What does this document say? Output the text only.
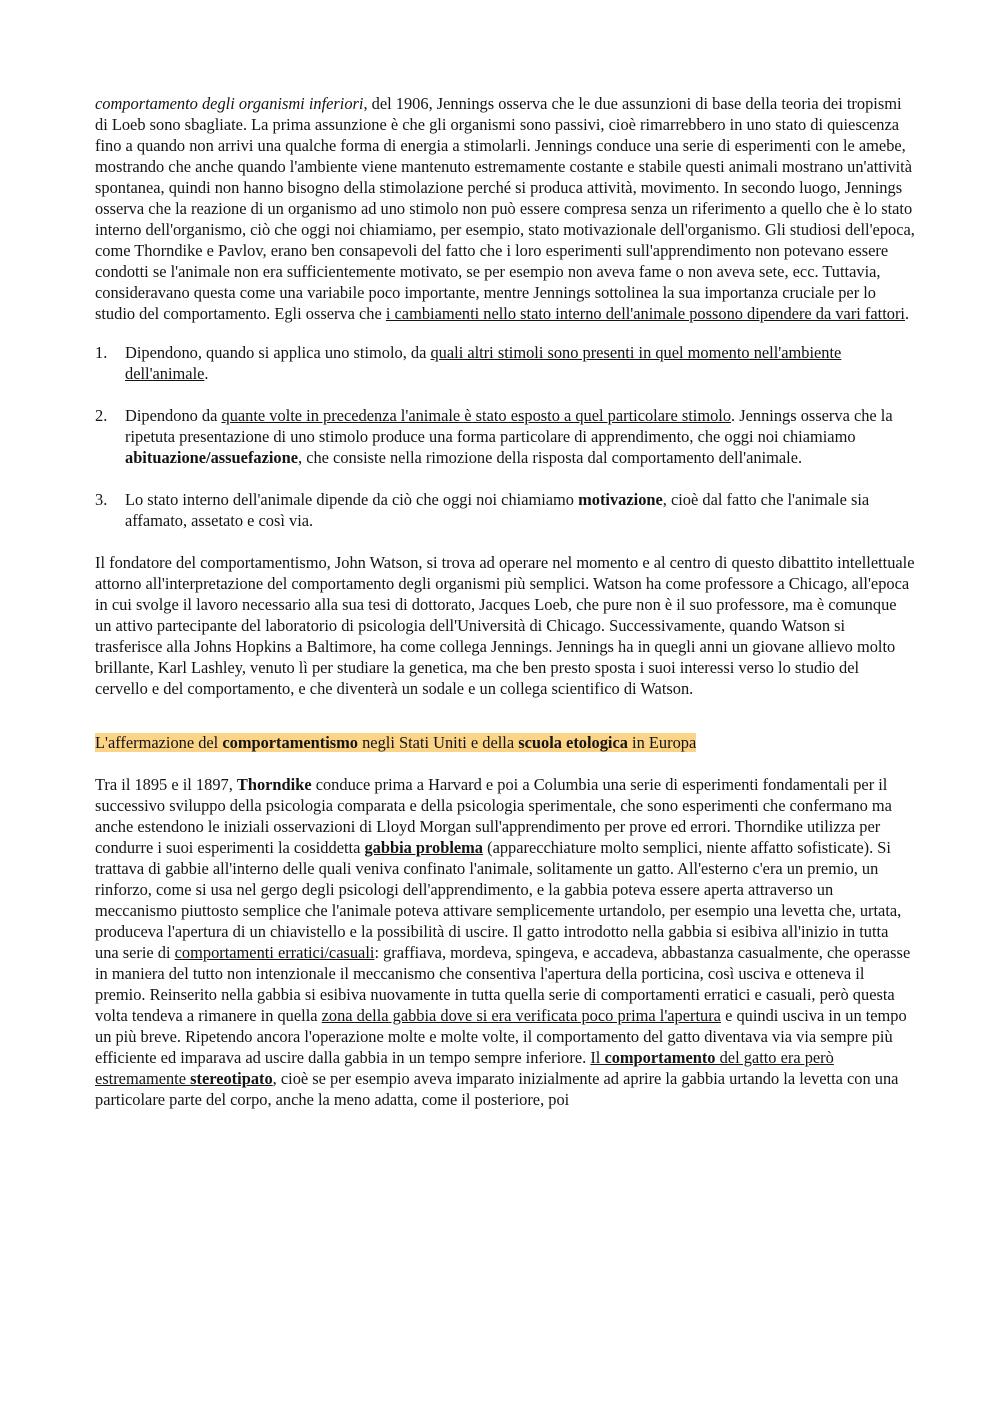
comportamento degli organismi inferiori, del 1906, Jennings osserva che le due assunzioni di base della teoria dei tropismi di Loeb sono sbagliate. La prima assunzione è che gli organismi sono passivi, cioè rimarrebbero in uno stato di quiescenza fino a quando non arrivi una qualche forma di energia a stimolarli. Jennings conduce una serie di esperimenti con le amebe, mostrando che anche quando l'ambiente viene mantenuto estremamente costante e stabile questi animali mostrano un'attività spontanea, quindi non hanno bisogno della stimolazione perché si produca attività, movimento. In secondo luogo, Jennings osserva che la reazione di un organismo ad uno stimolo non può essere compresa senza un riferimento a quello che è lo stato interno dell'organismo, ciò che oggi noi chiamiamo, per esempio, stato motivazionale dell'organismo. Gli studiosi dell'epoca, come Thorndike e Pavlov, erano ben consapevoli del fatto che i loro esperimenti sull'apprendimento non potevano essere condotti se l'animale non era sufficientemente motivato, se per esempio non aveva fame o non aveva sete, ecc. Tuttavia, consideravano questa come una variabile poco importante, mentre Jennings sottolinea la sua importanza cruciale per lo studio del comportamento. Egli osserva che i cambiamenti nello stato interno dell'animale possono dipendere da vari fattori.

1. Dipendono, quando si applica uno stimolo, da quali altri stimoli sono presenti in quel momento nell'ambiente dell'animale.
2. Dipendono da quante volte in precedenza l'animale è stato esposto a quel particolare stimolo. Jennings osserva che la ripetuta presentazione di uno stimolo produce una forma particolare di apprendimento, che oggi noi chiamiamo abituazione/assuefazione, che consiste nella rimozione della risposta dal comportamento dell'animale.
3. Lo stato interno dell'animale dipende da ciò che oggi noi chiamiamo motivazione, cioè dal fatto che l'animale sia affamato, assetato e così via.

Il fondatore del comportamentismo, John Watson, si trova ad operare nel momento e al centro di questo dibattito intellettuale attorno all'interpretazione del comportamento degli organismi più semplici. Watson ha come professore a Chicago, all'epoca in cui svolge il lavoro necessario alla sua tesi di dottorato, Jacques Loeb, che pure non è il suo professore, ma è comunque un attivo partecipante del laboratorio di psicologia dell'Università di Chicago. Successivamente, quando Watson si trasferisce alla Johns Hopkins a Baltimore, ha come collega Jennings. Jennings ha in quegli anni un giovane allievo molto brillante, Karl Lashley, venuto lì per studiare la genetica, ma che ben presto sposta i suoi interessi verso lo studio del cervello e del comportamento, e che diventerà un sodale e un collega scientifico di Watson.

L'affermazione del comportamentismo negli Stati Uniti e della scuola etologica in Europa

Tra il 1895 e il 1897, Thorndike conduce prima a Harvard e poi a Columbia una serie di esperimenti fondamentali per il successivo sviluppo della psicologia comparata e della psicologia sperimentale, che sono esperimenti che confermano ma anche estendono le iniziali osservazioni di Lloyd Morgan sull'apprendimento per prove ed errori. Thorndike utilizza per condurre i suoi esperimenti la cosiddetta gabbia problema (apparecchiature molto semplici, niente affatto sofisticate). Si trattava di gabbie all'interno delle quali veniva confinato l'animale, solitamente un gatto. All'esterno c'era un premio, un rinforzo, come si usa nel gergo degli psicologi dell'apprendimento, e la gabbia poteva essere aperta attraverso un meccanismo piuttosto semplice che l'animale poteva attivare semplicemente urtandolo, per esempio una levetta che, urtata, produceva l'apertura di un chiavistello e la possibilità di uscire. Il gatto introdotto nella gabbia si esibiva all'inizio in tutta una serie di comportamenti erratici/casuali: graffiava, mordeva, spingeva, e accadeva, abbastanza casualmente, che operasse in maniera del tutto non intenzionale il meccanismo che consentiva l'apertura della porticina, così usciva e otteneva il premio. Reinserito nella gabbia si esibiva nuovamente in tutta quella serie di comportamenti erratici e casuali, però questa volta tendeva a rimanere in quella zona della gabbia dove si era verificata poco prima l'apertura e quindi usciva in un tempo un più breve. Ripetendo ancora l'operazione molte e molte volte, il comportamento del gatto diventava via via sempre più efficiente ed imparava ad uscire dalla gabbia in un tempo sempre inferiore. Il comportamento del gatto era però estremamente stereotipato, cioè se per esempio aveva imparato inizialmente ad aprire la gabbia urtando la levetta con una particolare parte del corpo, anche la meno adatta, come il posteriore, poi
